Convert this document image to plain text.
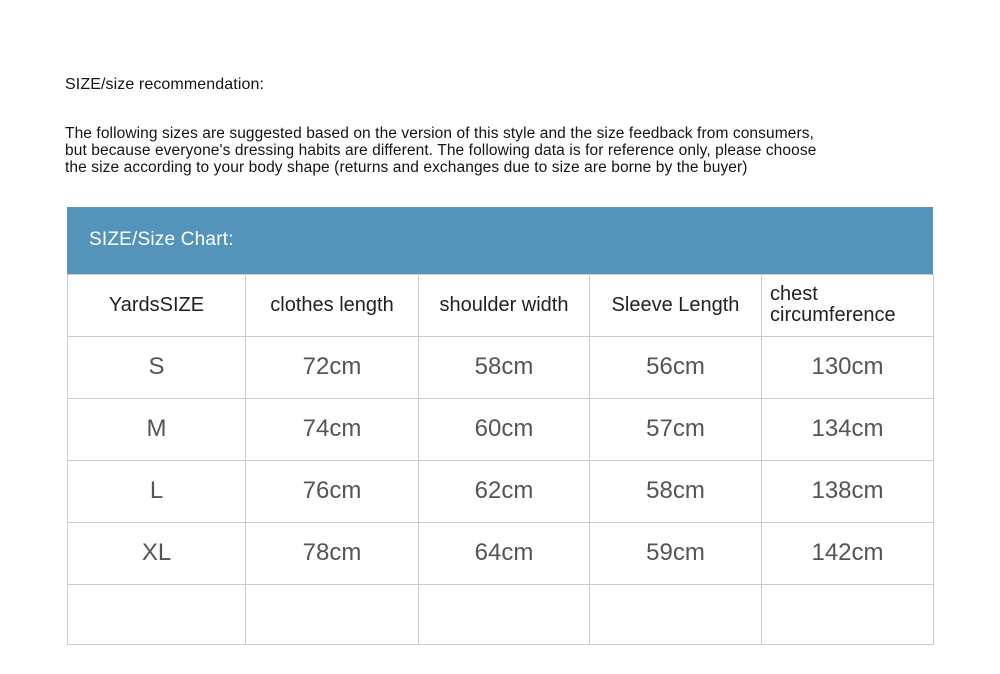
SIZE/size recommendation:
The following sizes are suggested based on the version of this style and the size feedback from consumers,
but because everyone's dressing habits are different. The following data is for reference only, please choose
the size according to your body shape (returns and exchanges due to size are borne by the buyer)
SIZE/Size Chart:
YardsSIZE	clothes length	shoulder width	Sleeve Length	chest circumference
S	72cm	58cm	56cm	130cm
M	74cm	60cm	57cm	134cm
L	76cm	62cm	58cm	138cm
XL	78cm	64cm	59cm	142cm
